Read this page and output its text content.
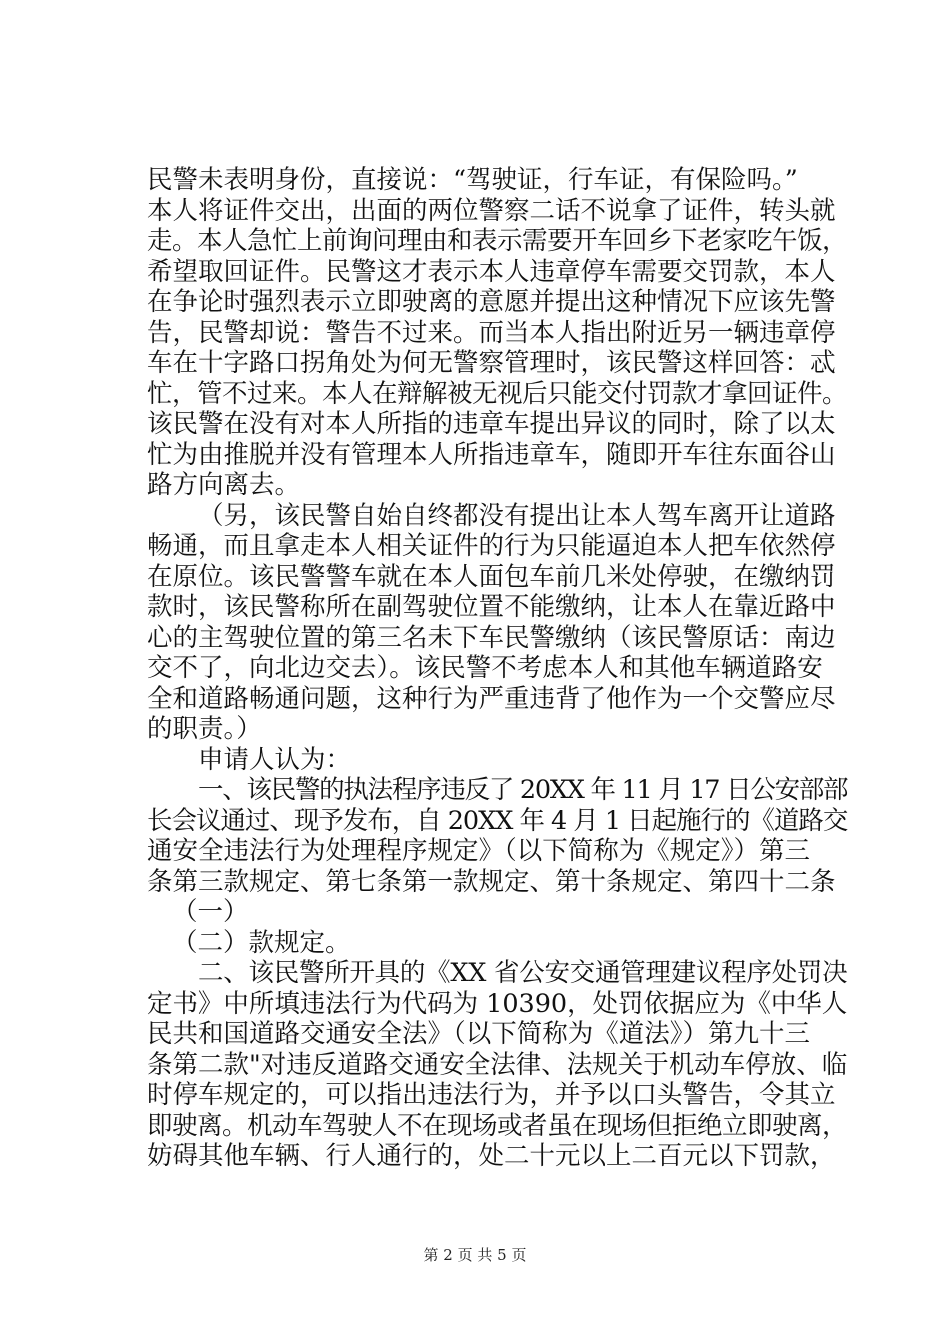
民警未表明身份，直接说：“驾驶证，行车证，有保险吗。”
本人将证件交出，出面的两位警察二话不说拿了证件，转头就
走。本人急忙上前询问理由和表示需要开车回乡下老家吃午饭，
希望取回证件。民警这才表示本人违章停车需要交罚款，本人
在争论时强烈表示立即驶离的意愿并提出这种情况下应该先警
告，民警却说：警告不过来。而当本人指出附近另一辆违章停
车在十字路口拐角处为何无警察管理时，该民警这样回答：忒
忙，管不过来。本人在辩解被无视后只能交付罚款才拿回证件。
该民警在没有对本人所指的违章车提出异议的同时，除了以太
忙为由推脱并没有管理本人所指违章车，随即开车往东面谷山
路方向离去。
（另，该民警自始自终都没有提出让本人驾车离开让道路
畅通，而且拿走本人相关证件的行为只能逼迫本人把车依然停
在原位。该民警警车就在本人面包车前几米处停驶，在缴纳罚
款时，该民警称所在副驾驶位置不能缴纳，让本人在靠近路中
心的主驾驶位置的第三名未下车民警缴纳（该民警原话：南边
交不了，向北边交去）。该民警不考虑本人和其他车辆道路安
全和道路畅通问题，这种行为严重违背了他作为一个交警应尽
的职责。）
申请人认为：
一、该民警的执法程序违反了 20XX 年 11 月 17 日公安部部
长会议通过、现予发布，自 20XX 年 4 月 1 日起施行的《道路交
通安全违法行为处理程序规定》（以下简称为《规定》）第三
条第三款规定、第七条第一款规定、第十条规定、第四十二条
（一）
（二）款规定。
二、该民警所开具的《XX 省公安交通管理建议程序处罚决
定书》中所填违法行为代码为 10390，处罚依据应为《中华人
民共和国道路交通安全法》（以下简称为《道法》）第九十三
条第二款"对违反道路交通安全法律、法规关于机动车停放、临
时停车规定的，可以指出违法行为，并予以口头警告，令其立
即驶离。机动车驾驶人不在现场或者虽在现场但拒绝立即驶离，
妨碍其他车辆、行人通行的，处二十元以上二百元以下罚款，
第 2 页 共 5 页
